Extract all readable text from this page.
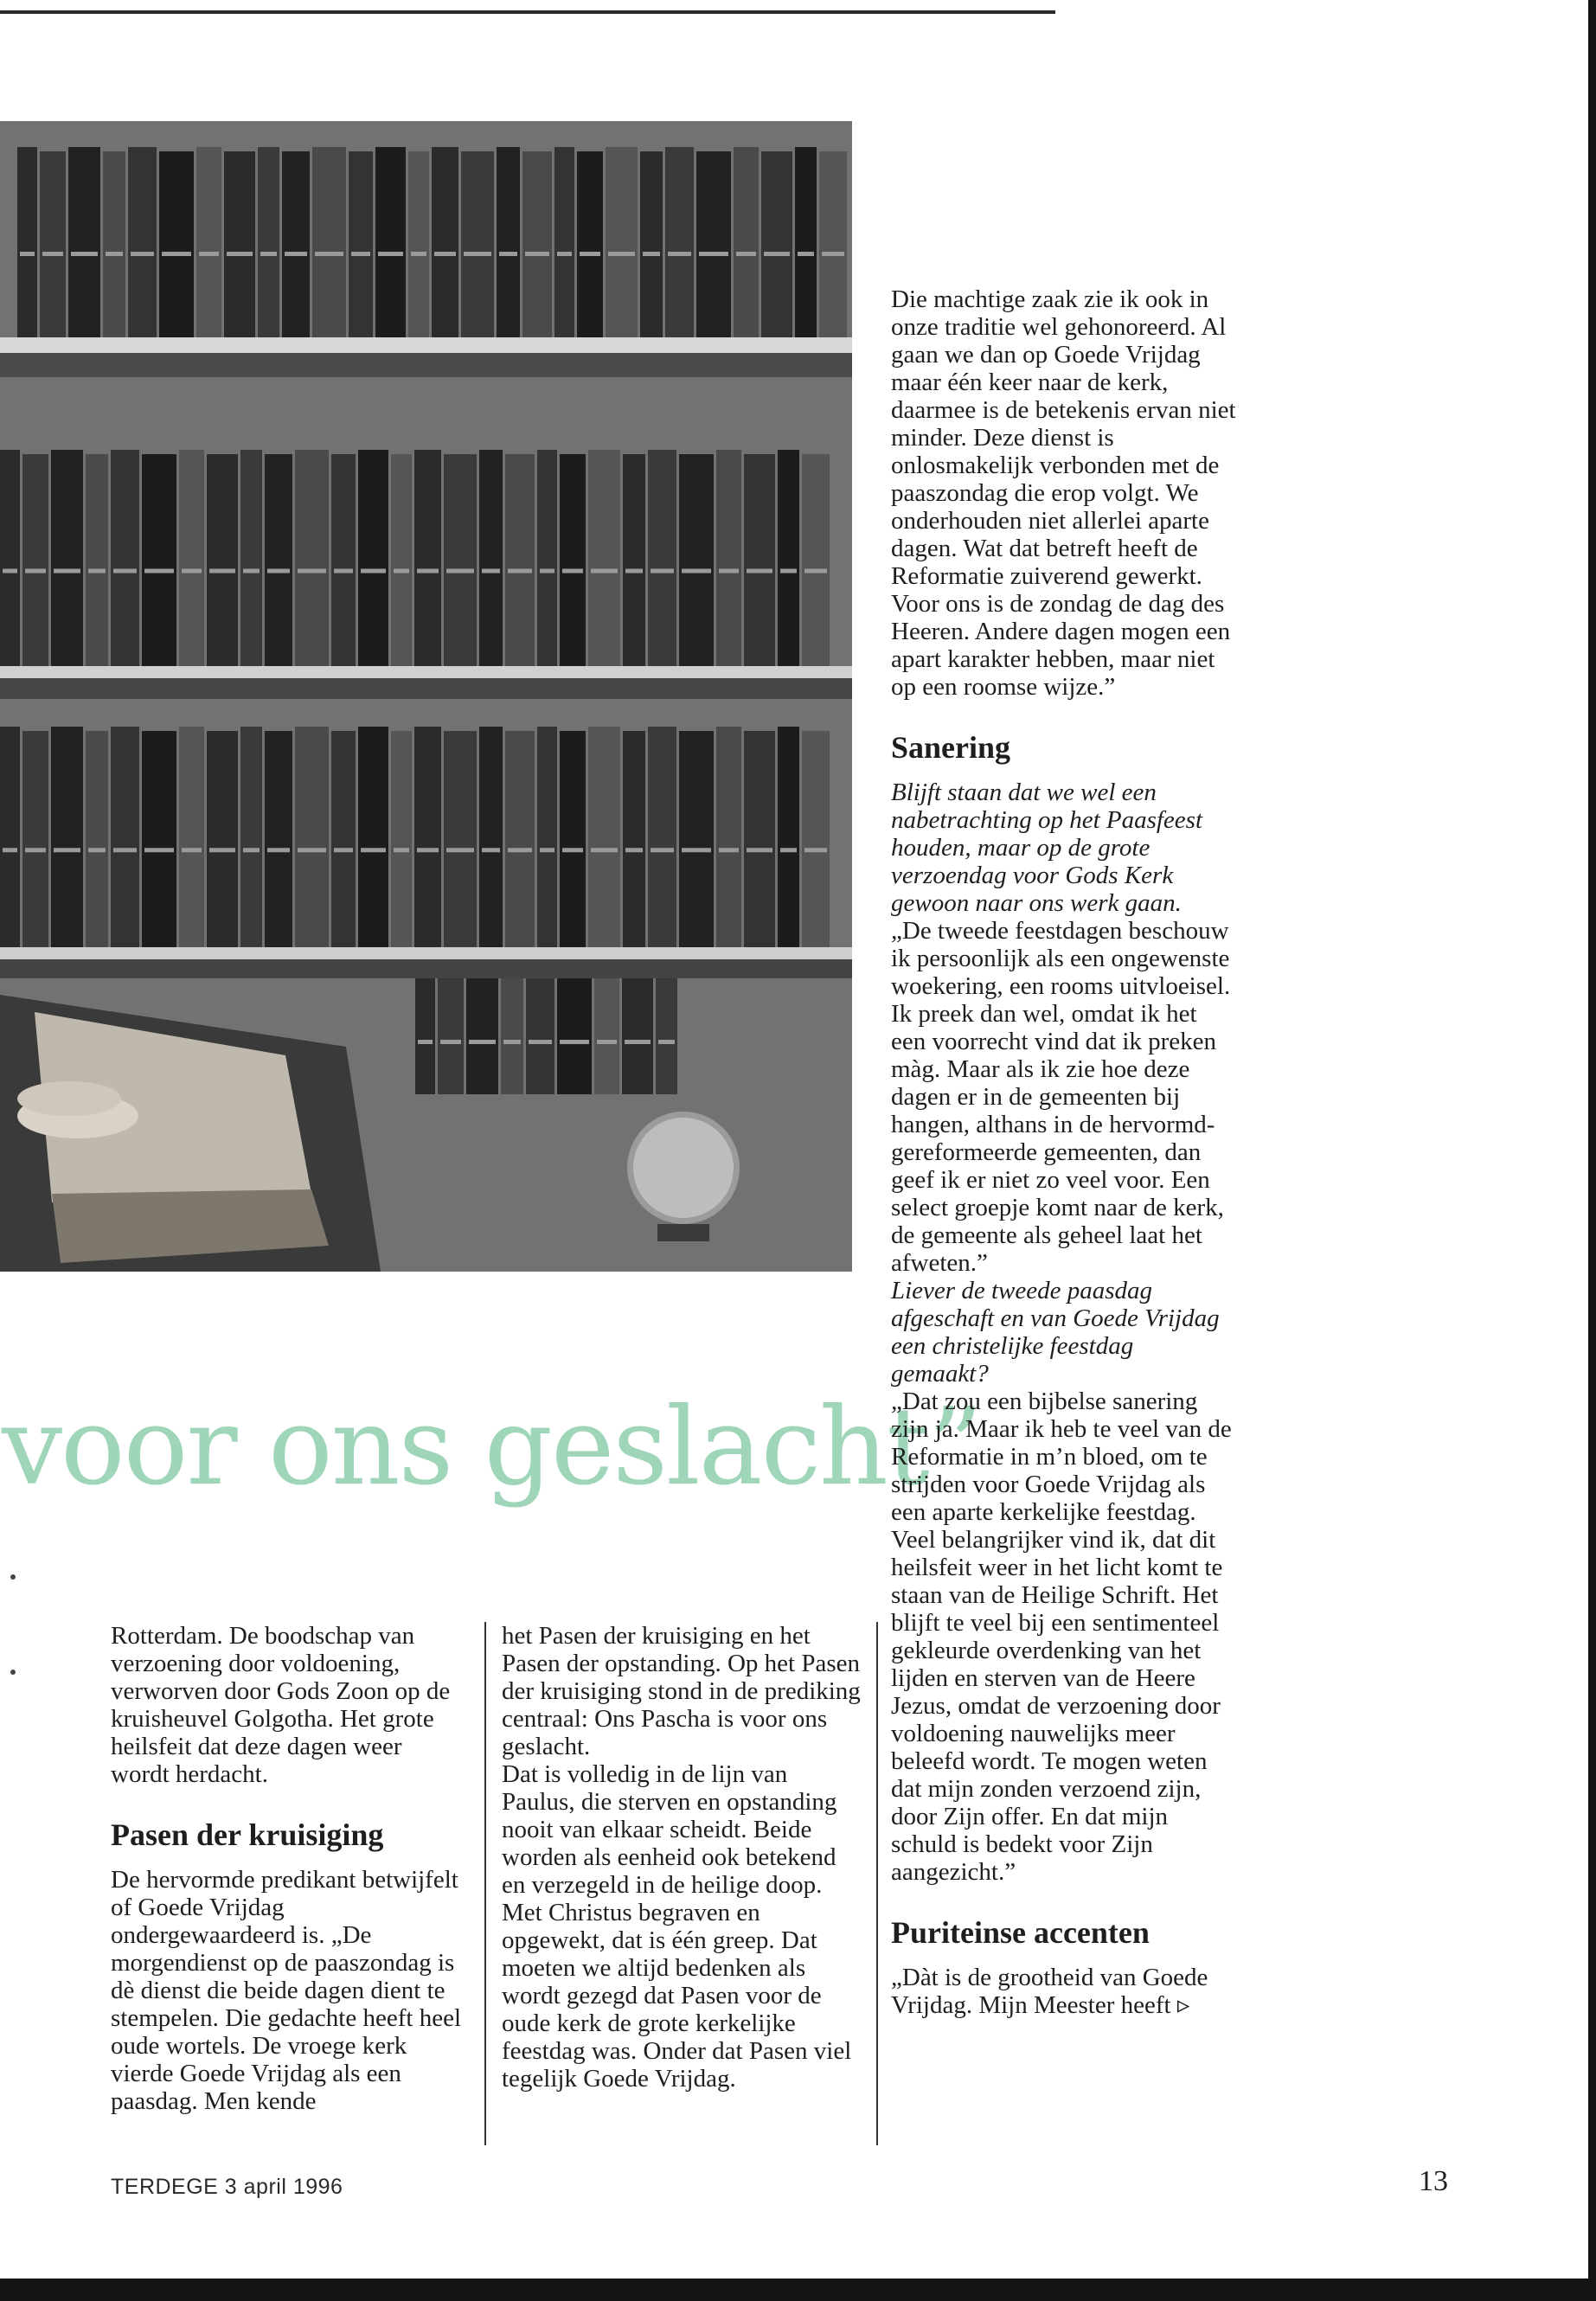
voor ons geslacht”

Rotterdam. De boodschap van verzoening door voldoening, verworven door Gods Zoon op de kruisheuvel Golgotha. Het grote heilsfeit dat deze dagen weer wordt herdacht.

Pasen der kruisiging

De hervormde predikant betwijfelt of Goede Vrijdag ondergewaardeerd is. „De morgendienst op de paaszondag is dè dienst die beide dagen dient te stempelen. Die gedachte heeft heel oude wortels. De vroege kerk vierde Goede Vrijdag als een paasdag. Men kende

het Pasen der kruisiging en het Pasen der opstanding. Op het Pasen der kruisiging stond in de prediking centraal: Ons Pascha is voor ons geslacht.

Dat is volledig in de lijn van Paulus, die sterven en opstanding nooit van elkaar scheidt. Beide worden als eenheid ook betekend en verzegeld in de heilige doop. Met Christus begraven en opgewekt, dat is één greep. Dat moeten we altijd bedenken als wordt gezegd dat Pasen voor de oude kerk de grote kerkelijke feestdag was. Onder dat Pasen viel tegelijk Goede Vrijdag.

Die machtige zaak zie ik ook in onze traditie wel gehonoreerd. Al gaan we dan op Goede Vrijdag maar één keer naar de kerk, daarmee is de betekenis ervan niet minder. Deze dienst is onlosmakelijk verbonden met de paaszondag die erop volgt. We onderhouden niet allerlei aparte dagen. Wat dat betreft heeft de Reformatie zuiverend gewerkt. Voor ons is de zondag de dag des Heeren. Andere dagen mogen een apart karakter hebben, maar niet op een roomse wijze.”

Sanering

Blijft staan dat we wel een nabetrachting op het Paasfeest houden, maar op de grote verzoendag voor Gods Kerk gewoon naar ons werk gaan.

„De tweede feestdagen beschouw ik persoonlijk als een ongewenste woekering, een rooms uitvloeisel. Ik preek dan wel, omdat ik het een voorrecht vind dat ik preken màg. Maar als ik zie hoe deze dagen er in de gemeenten bij hangen, althans in de hervormd-gereformeerde gemeenten, dan geef ik er niet zo veel voor. Een select groepje komt naar de kerk, de gemeente als geheel laat het afweten.”

Liever de tweede paasdag afgeschaft en van Goede Vrijdag een christelijke feestdag gemaakt?

„Dat zou een bijbelse sanering zijn ja. Maar ik heb te veel van de Reformatie in m’n bloed, om te strijden voor Goede Vrijdag als een aparte kerkelijke feestdag. Veel belangrijker vind ik, dat dit heilsfeit weer in het licht komt te staan van de Heilige Schrift. Het blijft te veel bij een sentimenteel gekleurde overdenking van het lijden en sterven van de Heere Jezus, omdat de verzoening door voldoening nauwelijks meer beleefd wordt. Te mogen weten dat mijn zonden verzoend zijn, door Zijn offer. En dat mijn schuld is bedekt voor Zijn aangezicht.”

Puriteinse accenten

„Dàt is de grootheid van Goede Vrijdag. Mijn Meester heeft ▹

TERDEGE 3 april 1996	13
